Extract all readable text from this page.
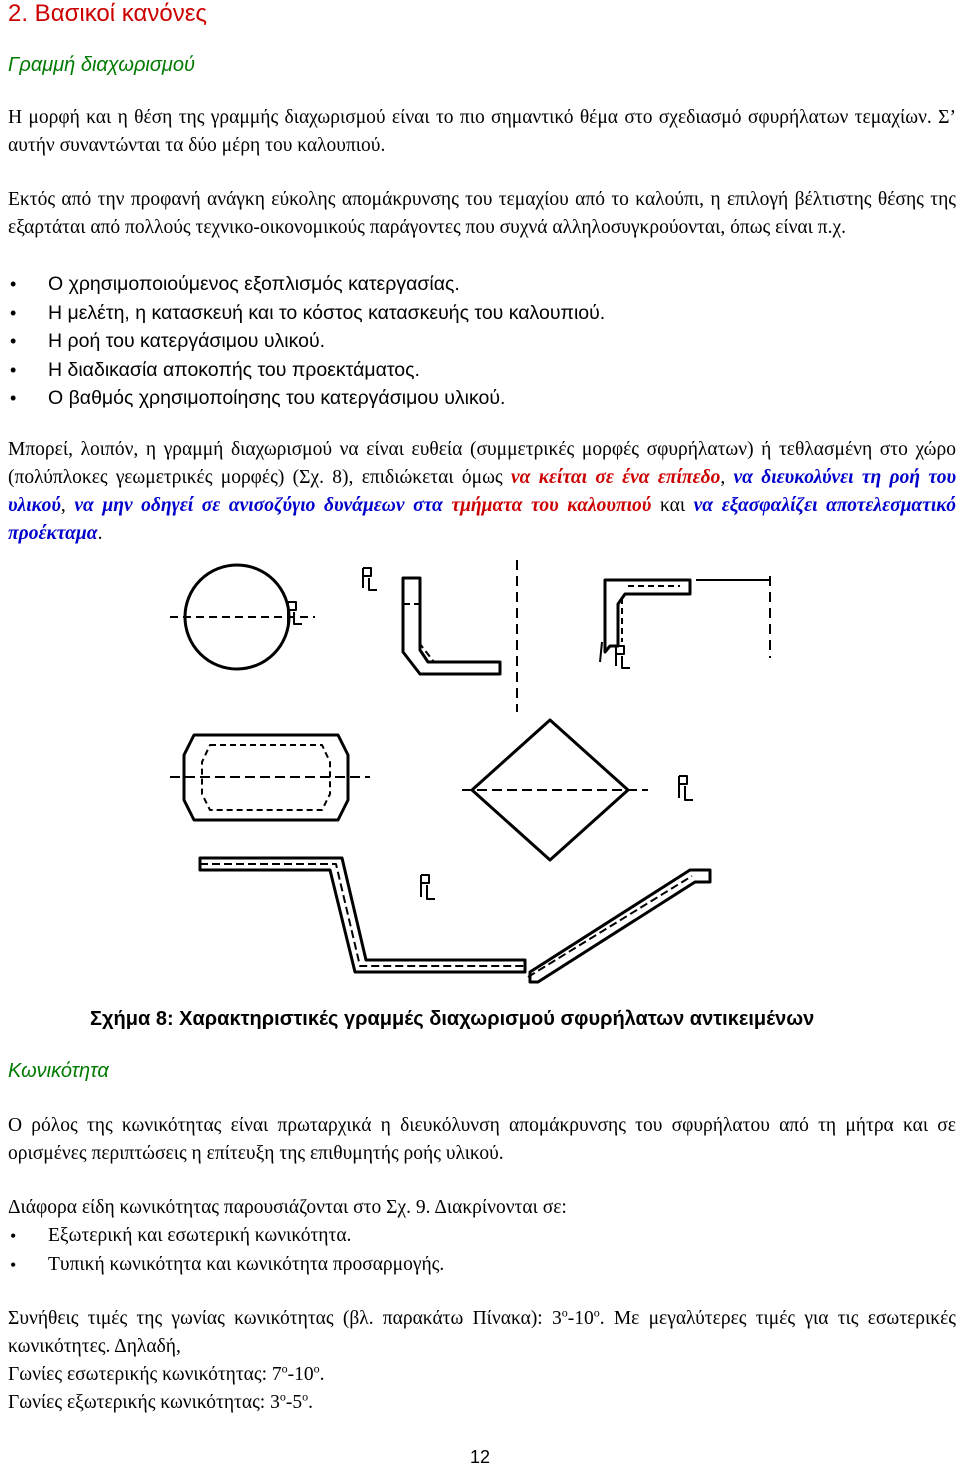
2. Βασικοί κανόνες
Γραμμή διαχωρισμού

Η μορφή και η θέση της γραμμής διαχωρισμού είναι το πιο σημαντικό θέμα στο σχεδιασμό σφυρήλατων τεμαχίων. Σ’ αυτήν συναντώνται τα δύο μέρη του καλουπιού.

Εκτός από την προφανή ανάγκη εύκολης απομάκρυνσης του τεμαχίου από το καλούπι, η επιλογή βέλτιστης θέσης της εξαρτάται από πολλούς τεχνικο-οικονομικούς παράγοντες που συχνά αλληλοσυγκρούονται, όπως είναι π.χ.

• Ο χρησιμοποιούμενος εξοπλισμός κατεργασίας.
• Η μελέτη, η κατασκευή και το κόστος κατασκευής του καλουπιού.
• Η ροή του κατεργάσιμου υλικού.
• Η διαδικασία αποκοπής του προεκτάματος.
• Ο βαθμός χρησιμοποίησης του κατεργάσιμου υλικού.

Μπορεί, λοιπόν, η γραμμή διαχωρισμού να είναι ευθεία (συμμετρικές μορφές σφυρήλατων) ή τεθλασμένη στο χώρο (πολύπλοκες γεωμετρικές μορφές) (Σχ. 8), επιδιώκεται όμως να κείται σε ένα επίπεδο, να διευκολύνει τη ροή του υλικού, να μην οδηγεί σε ανισοζύγιο δυνάμεων στα τμήματα του καλουπιού και να εξασφαλίζει αποτελεσματικό προέκταμα.

Σχήμα 8: Χαρακτηριστικές γραμμές διαχωρισμού σφυρήλατων αντικειμένων
Κωνικότητα

Ο ρόλος της κωνικότητας είναι πρωταρχικά η διευκόλυνση απομάκρυνσης του σφυρήλατου από τη μήτρα και σε ορισμένες περιπτώσεις η επίτευξη της επιθυμητής ροής υλικού.

Διάφορα είδη κωνικότητας παρουσιάζονται στο Σχ. 9. Διακρίνονται σε:

• Εξωτερική και εσωτερική κωνικότητα.
• Τυπική κωνικότητα και κωνικότητα προσαρμογής.

Συνήθεις τιμές της γωνίας κωνικότητας (βλ. παρακάτω Πίνακα): 3$^o$-10$^o$. Με μεγαλύτερες τιμές για τις εσωτερικές κωνικότητες. Δηλαδή,

Γωνίες εσωτερικής κωνικότητας: 7$^o$-10$^o$.

Γωνίες εξωτερικής κωνικότητας: 3$^o$-5$^o$.

12
